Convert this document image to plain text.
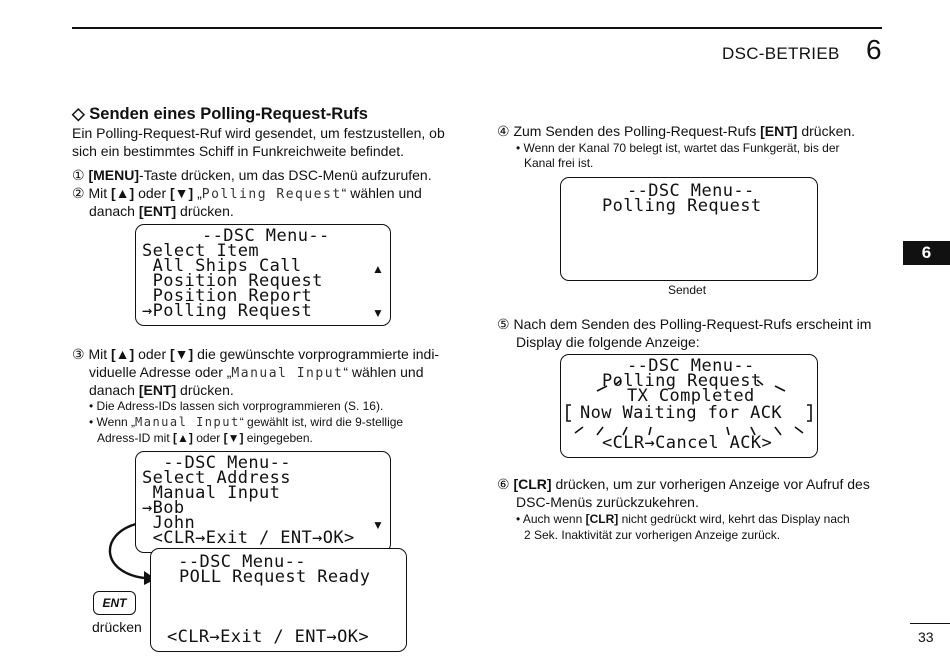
DSC-BETRIEB 6
6
33
◇ Senden eines Polling-Request-Rufs
Ein Polling-Request-Ruf wird gesendet, um festzustellen, ob
sich ein bestimmtes Schiff in Funkreichweite befindet.
① [MENU]-Taste drücken, um das DSC-Menü aufzurufen.
② Mit [▲] oder [▼] „Polling Request“ wählen und
danach [ENT] drücken.
--DSC Menu--
Select Item
All Ships Call
Position Request
Position Report
→Polling Request
▲
▼
③ Mit [▲] oder [▼] die gewünschte vorprogrammierte indi-
viduelle Adresse oder „Manual Input“ wählen und
danach [ENT] drücken.
• Die Adress-IDs lassen sich vorprogrammieren (S. 16).
• Wenn „Manual Input“ gewählt ist, wird die 9-stellige
Adress-ID mit [▲] oder [▼] eingegeben.
--DSC Menu--
Select Address
Manual Input
→Bob
John
<CLR→Exit / ENT→OK>
▼
--DSC Menu--
POLL Request Ready
<CLR→Exit / ENT→OK>
ENT
drücken
④ Zum Senden des Polling-Request-Rufs [ENT] drücken.
• Wenn der Kanal 70 belegt ist, wartet das Funkgerät, bis der
Kanal frei ist.
--DSC Menu--
Polling Request
Sendet
⑤ Nach dem Senden des Polling-Request-Rufs erscheint im
Display die folgende Anzeige:
--DSC Menu--
Polling Request
TX Completed
Now Waiting for ACK
<CLR→Cancel ACK>
⑥ [CLR] drücken, um zur vorherigen Anzeige vor Aufruf des
DSC-Menüs zurückzukehren.
• Auch wenn [CLR] nicht gedrückt wird, kehrt das Display nach
2 Sek. Inaktivität zur vorherigen Anzeige zurück.
